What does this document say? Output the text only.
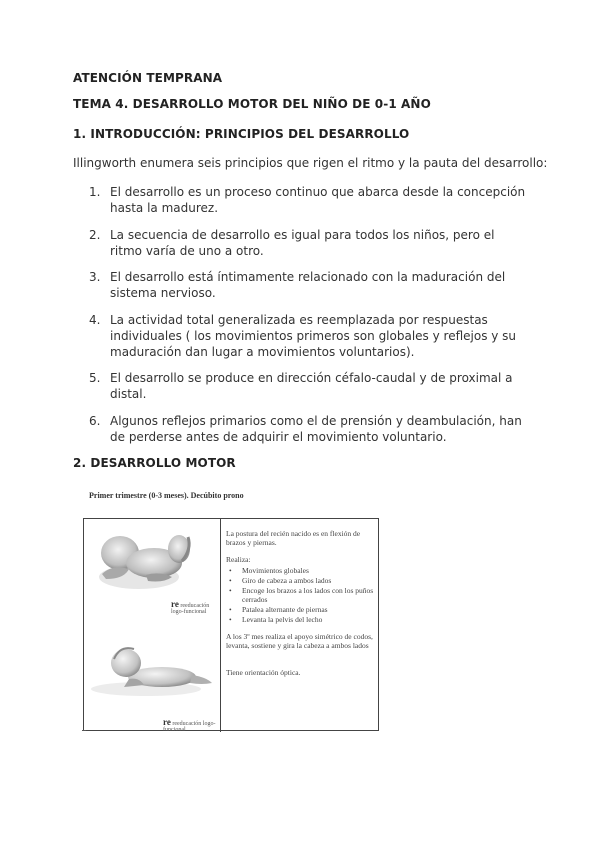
ATENCIÓN TEMPRANA
TEMA 4. DESARROLLO MOTOR DEL NIÑO DE 0-1 AÑO
1. INTRODUCCIÓN: PRINCIPIOS DEL DESARROLLO
Illingworth enumera seis principios que rigen el ritmo y la pauta del desarrollo:
1. El desarrollo es un proceso continuo que abarca desde la concepción hasta la madurez.
2. La secuencia de desarrollo es igual para todos los niños, pero el ritmo varía de uno a otro.
3. El desarrollo está íntimamente relacionado con la maduración del sistema nervioso.
4. La actividad total generalizada es reemplazada por respuestas individuales ( los movimientos primeros son globales y reflejos y su maduración dan lugar a movimientos voluntarios).
5. El desarrollo se produce en dirección céfalo-caudal y de proximal a distal.
6. Algunos reflejos primarios como el de prensión y deambulación, han de perderse antes de adquirir el movimiento voluntario.
2. DESARROLLO MOTOR
Primer trimestre (0-3 meses). Decúbito prono
re reeducación logo-funcional
re reeducación logo-funcional
La postura del recién nacido es en flexión de brazos y piernas.
Realiza:
• Movimientos globales
• Giro de cabeza a ambos lados
• Encoge los brazos a los lados con los puños cerrados
• Patalea alternante de piernas
• Levanta la pelvis del lecho
A los 3º mes realiza el apoyo simétrico de codos, levanta, sostiene y gira la cabeza a ambos lados
Tiene orientación óptica.
